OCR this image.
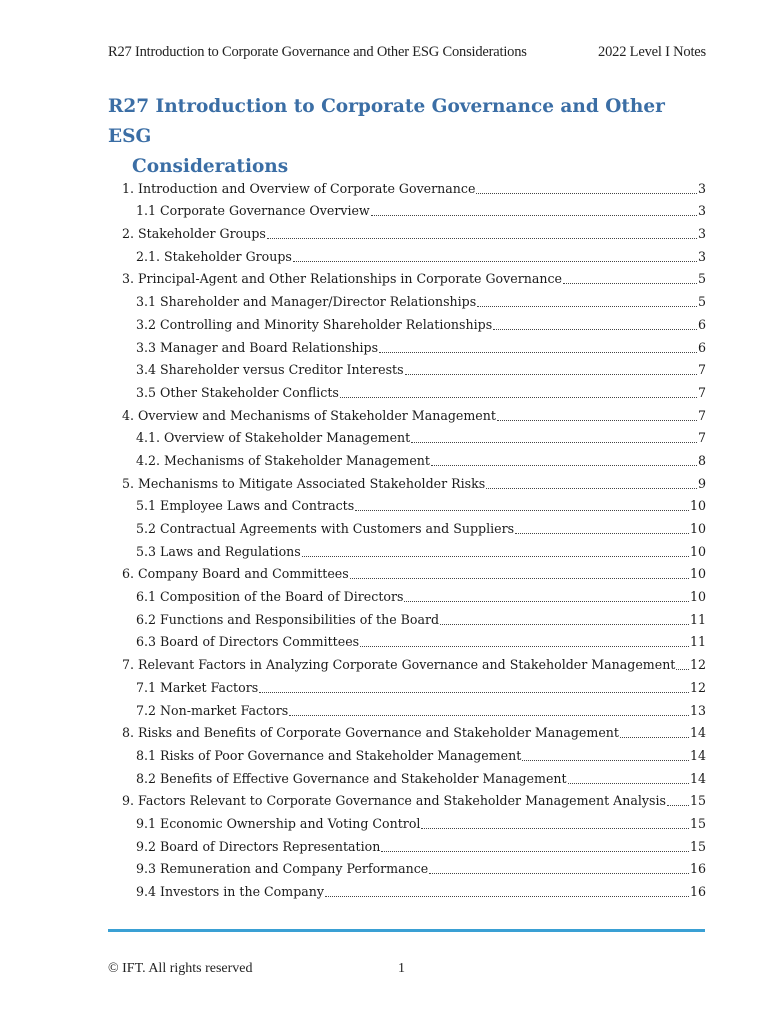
R27 Introduction to Corporate Governance and Other ESG Considerations	2022 Level I Notes
R27 Introduction to Corporate Governance and Other ESG
Considerations
1. Introduction and Overview of Corporate Governance	3
1.1 Corporate Governance Overview	3
2. Stakeholder Groups	3
2.1. Stakeholder Groups	3
3. Principal-Agent and Other Relationships in Corporate Governance	5
3.1 Shareholder and Manager/Director Relationships	5
3.2 Controlling and Minority Shareholder Relationships	6
3.3 Manager and Board Relationships	6
3.4 Shareholder versus Creditor Interests	7
3.5 Other Stakeholder Conflicts	7
4. Overview and Mechanisms of Stakeholder Management	7
4.1. Overview of Stakeholder Management	7
4.2. Mechanisms of Stakeholder Management	8
5. Mechanisms to Mitigate Associated Stakeholder Risks	9
5.1 Employee Laws and Contracts	10
5.2 Contractual Agreements with Customers and Suppliers	10
5.3 Laws and Regulations	10
6. Company Board and Committees	10
6.1 Composition of the Board of Directors	10
6.2 Functions and Responsibilities of the Board	11
6.3 Board of Directors Committees	11
7. Relevant Factors in Analyzing Corporate Governance and Stakeholder Management 12
7.1 Market Factors	12
7.2 Non-market Factors	13
8. Risks and Benefits of Corporate Governance and Stakeholder Management	14
8.1 Risks of Poor Governance and Stakeholder Management	14
8.2 Benefits of Effective Governance and Stakeholder Management	14
9. Factors Relevant to Corporate Governance and Stakeholder Management Analysis 15
9.1 Economic Ownership and Voting Control	15
9.2 Board of Directors Representation	15
9.3 Remuneration and Company Performance	16
9.4 Investors in the Company	16
© IFT. All rights reserved	1
